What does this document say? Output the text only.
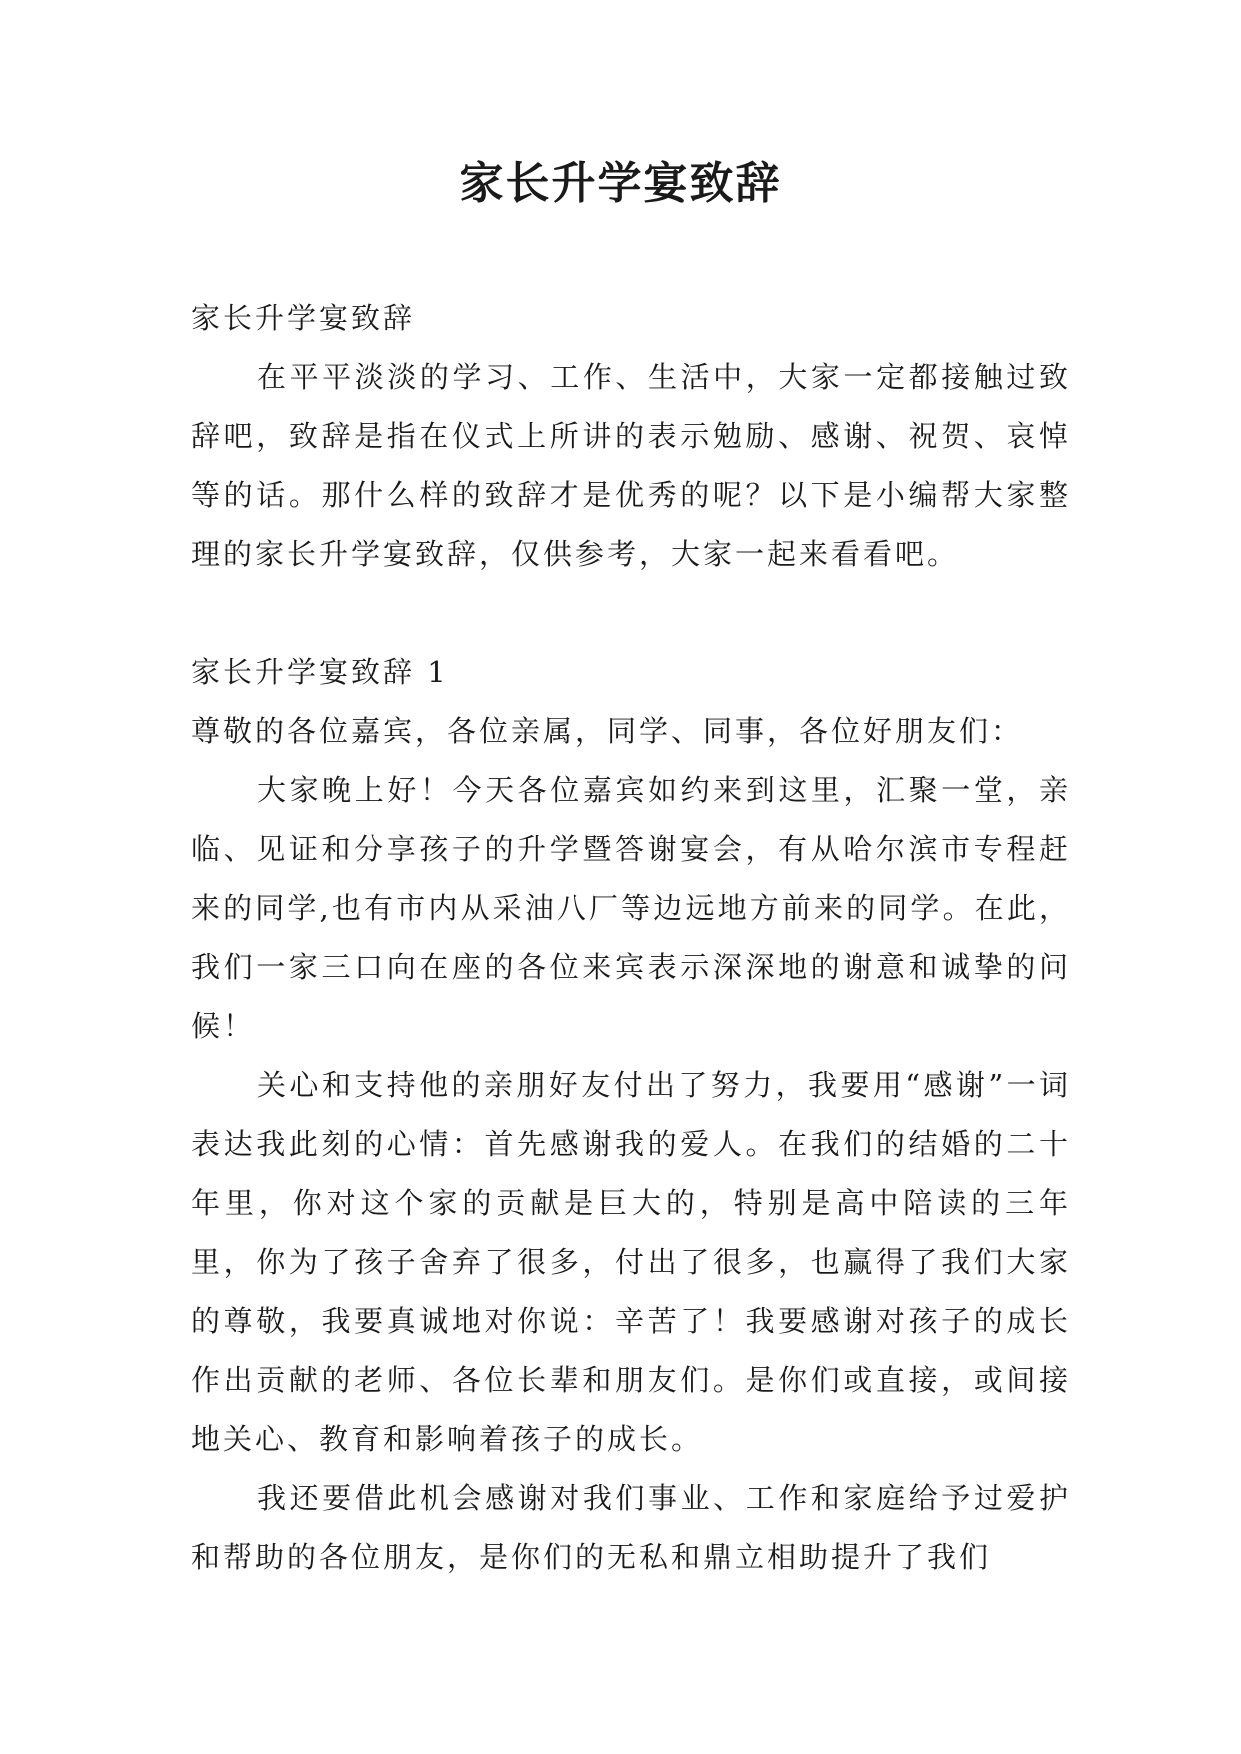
家长升学宴致辞

家长升学宴致辞

在平平淡淡的学习、工作、生活中，大家一定都接触过致辞吧，致辞是指在仪式上所讲的表示勉励、感谢、祝贺、哀悼等的话。那什么样的致辞才是优秀的呢？以下是小编帮大家整理的家长升学宴致辞，仅供参考，大家一起来看看吧。

家长升学宴致辞 1

尊敬的各位嘉宾，各位亲属，同学、同事，各位好朋友们：

大家晚上好！今天各位嘉宾如约来到这里，汇聚一堂，亲临、见证和分享孩子的升学暨答谢宴会，有从哈尔滨市专程赶来的同学,也有市内从采油八厂等边远地方前来的同学。在此，我们一家三口向在座的各位来宾表示深深地的谢意和诚挚的问候！

关心和支持他的亲朋好友付出了努力，我要用“感谢”一词表达我此刻的心情：首先感谢我的爱人。在我们的结婚的二十年里，你对这个家的贡献是巨大的，特别是高中陪读的三年里，你为了孩子舍弃了很多，付出了很多，也赢得了我们大家的尊敬，我要真诚地对你说：辛苦了！我要感谢对孩子的成长作出贡献的老师、各位长辈和朋友们。是你们或直接，或间接地关心、教育和影响着孩子的成长。

我还要借此机会感谢对我们事业、工作和家庭给予过爱护和帮助的各位朋友，是你们的无私和鼎立相助提升了我们
